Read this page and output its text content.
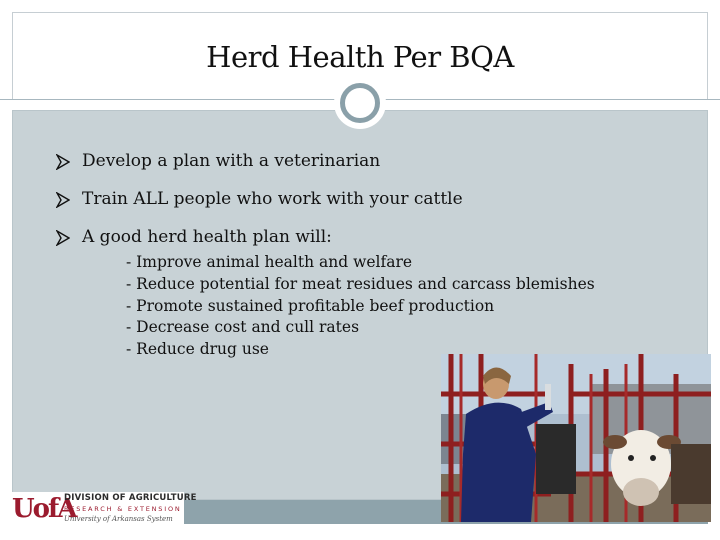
Herd Health Per BQA
Develop a plan with a veterinarian
Train ALL people who work with your cattle
A good herd health plan will:
- Improve animal health and welfare
- Reduce potential for meat residues and carcass blemishes
- Promote sustained profitable beef production
- Decrease cost and cull rates
- Reduce drug use
UofA
DIVISION OF AGRICULTURE
RESEARCH & EXTENSION
University of Arkansas System
